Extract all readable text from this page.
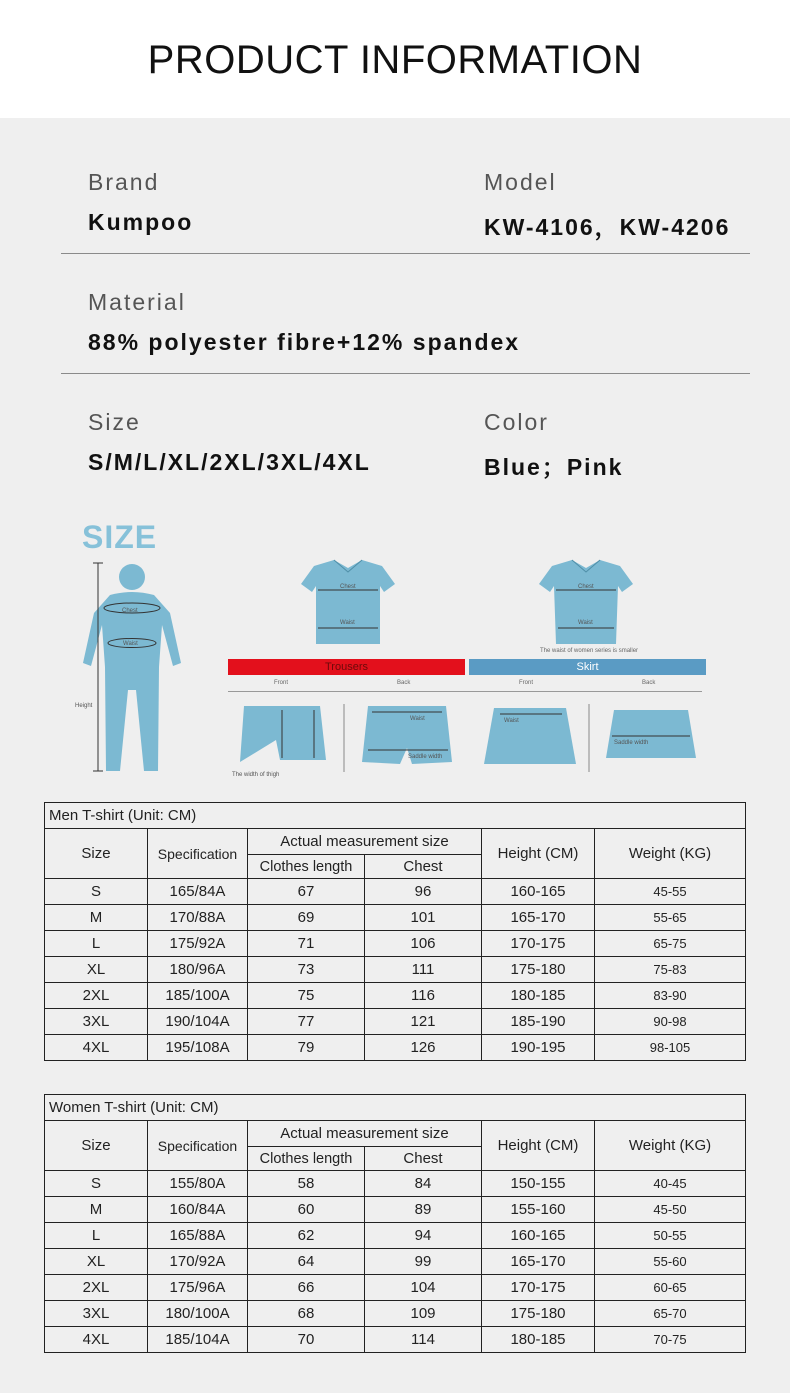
PRODUCT INFORMATION
Brand
Kumpoo
Model
KW-4106，KW-4206
Material
88% polyester fibre+12% spandex
Size
S/M/L/XL/2XL/3XL/4XL
Color
Blue；Pink
SIZE
Chest
Waist
Height
Chest
Waist
Chest
Waist
The waist of women series is smaller
Trousers	Skirt
Front	Back	Front	Back
The width of thigh
Waist
Saddle width
Waist
Saddle width
Men T-shirt (Unit: CM)					
Size	Specification	Actual measurement size		Height (CM)	Weight (KG)
		Clothes length	Chest		
S	165/84A	67	96	160-165	45-55
M	170/88A	69	101	165-170	55-65
L	175/92A	71	106	170-175	65-75
XL	180/96A	73	111	175-180	75-83
2XL	185/100A	75	116	180-185	83-90
3XL	190/104A	77	121	185-190	90-98
4XL	195/108A	79	126	190-195	98-105
Women T-shirt (Unit: CM)					
Size	Specification	Actual measurement size		Height (CM)	Weight (KG)
		Clothes length	Chest		
S	155/80A	58	84	150-155	40-45
M	160/84A	60	89	155-160	45-50
L	165/88A	62	94	160-165	50-55
XL	170/92A	64	99	165-170	55-60
2XL	175/96A	66	104	170-175	60-65
3XL	180/100A	68	109	175-180	65-70
4XL	185/104A	70	114	180-185	70-75
